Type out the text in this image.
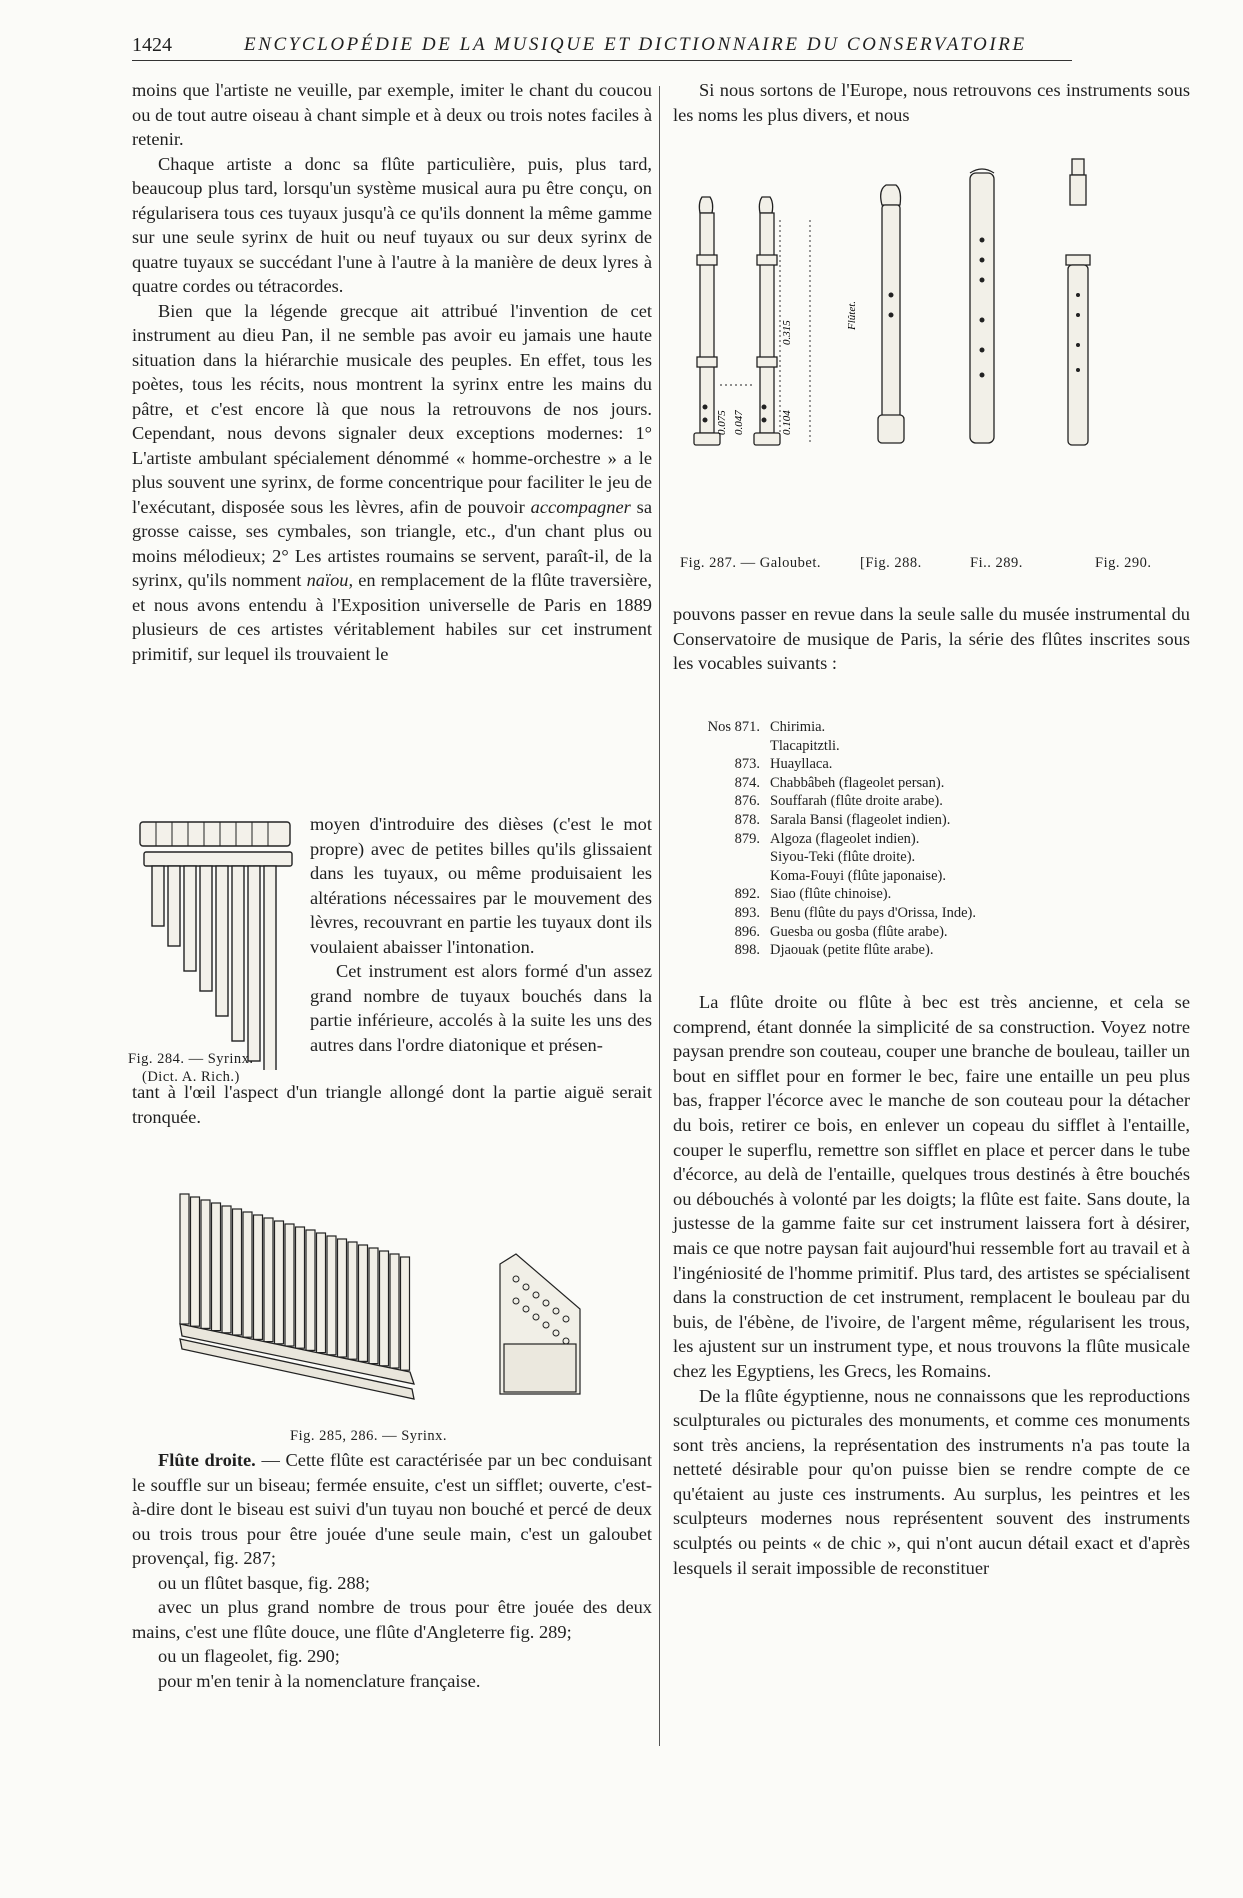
1424	ENCYCLOPÉDIE DE LA MUSIQUE ET DICTIONNAIRE DU CONSERVATOIRE

moins que l'artiste ne veuille, par exemple, imiter le chant du coucou ou de tout autre oiseau à chant simple et à deux ou trois notes faciles à retenir.

Chaque artiste a donc sa flûte particulière, puis, plus tard, beaucoup plus tard, lorsqu'un système musical aura pu être conçu, on régularisera tous ces tuyaux jusqu'à ce qu'ils donnent la même gamme sur une seule syrinx de huit ou neuf tuyaux ou sur deux syrinx de quatre tuyaux se succédant l'une à l'autre à la manière de deux lyres à quatre cordes ou tétracordes.

Bien que la légende grecque ait attribué l'invention de cet instrument au dieu Pan, il ne semble pas avoir eu jamais une haute situation dans la hiérarchie musicale des peuples. En effet, tous les poètes, tous les récits, nous montrent la syrinx entre les mains du pâtre, et c'est encore là que nous la retrouvons de nos jours. Cependant, nous devons signaler deux exceptions modernes: 1° L'artiste ambulant spécialement dénommé « homme-orchestre » a le plus souvent une syrinx, de forme concentrique pour faciliter le jeu de l'exécutant, disposée sous les lèvres, afin de pouvoir accompagner sa grosse caisse, ses cymbales, son triangle, etc., d'un chant plus ou moins mélodieux; 2° Les artistes roumains se servent, paraît-il, de la syrinx, qu'ils nomment naïou, en remplacement de la flûte traversière, et nous avons entendu à l'Exposition universelle de Paris en 1889 plusieurs de ces artistes véritablement habiles sur cet instrument primitif, sur lequel ils trouvaient le

moyen d'introduire des dièses (c'est le mot propre) avec de petites billes qu'ils glissaient dans les tuyaux, ou même produisaient les altérations nécessaires par le mouvement des lèvres, recouvrant en partie les tuyaux dont ils voulaient abaisser l'intonation.

Cet instrument est alors formé d'un assez grand nombre de tuyaux bouchés dans la partie inférieure, accolés à la suite les uns des autres dans l'ordre diatonique et présen-

Fig. 284. — Syrinx.
(Dict. A. Rich.)

tant à l'œil l'aspect d'un triangle allongé dont la partie aiguë serait tronquée.

Fig. 285, 286. — Syrinx.

Flûte droite. — Cette flûte est caractérisée par un bec conduisant le souffle sur un biseau; fermée ensuite, c'est un sifflet; ouverte, c'est-à-dire dont le biseau est suivi d'un tuyau non bouché et percé de deux ou trois trous pour être jouée d'une seule main, c'est un galoubet provençal, fig. 287;

ou un flûtet basque, fig. 288;

avec un plus grand nombre de trous pour être jouée des deux mains, c'est une flûte douce, une flûte d'Angleterre fig. 289;

ou un flageolet, fig. 290;

pour m'en tenir à la nomenclature française.

Si nous sortons de l'Europe, nous retrouvons ces instruments sous les noms les plus divers, et nous

0.315
0.104
0.075 0.047
Flûtet.
Fig. 287. — Galoubet.	[Fig. 288.	Fi.. 289.	Fig. 290.

pouvons passer en revue dans la seule salle du musée instrumental du Conservatoire de musique de Paris, la série des flûtes inscrites sous les vocables suivants :

Nos 871. Chirimia.
Tlacapitztli.
873. Huayllaca.
874. Chabbâbeh (flageolet persan).
876. Souffarah (flûte droite arabe).
878. Sarala Bansi (flageolet indien).
879. Algoza (flageolet indien).
Siyou-Teki (flûte droite).
Koma-Fouyi (flûte japonaise).
892. Siao (flûte chinoise).
893. Benu (flûte du pays d'Orissa, Inde).
896. Guesba ou gosba (flûte arabe).
898. Djaouak (petite flûte arabe).

La flûte droite ou flûte à bec est très ancienne, et cela se comprend, étant donnée la simplicité de sa construction. Voyez notre paysan prendre son couteau, couper une branche de bouleau, tailler un bout en sifflet pour en former le bec, faire une entaille un peu plus bas, frapper l'écorce avec le manche de son couteau pour la détacher du bois, retirer ce bois, en enlever un copeau du sifflet à l'entaille, couper le superflu, remettre son sifflet en place et percer dans le tube d'écorce, au delà de l'entaille, quelques trous destinés à être bouchés ou débouchés à volonté par les doigts; la flûte est faite. Sans doute, la justesse de la gamme faite sur cet instrument laissera fort à désirer, mais ce que notre paysan fait aujourd'hui ressemble fort au travail et à l'ingéniosité de l'homme primitif. Plus tard, des artistes se spécialisent dans la construction de cet instrument, remplacent le bouleau par du buis, de l'ébène, de l'ivoire, de l'argent même, régularisent les trous, les ajustent sur un instrument type, et nous trouvons la flûte musicale chez les Egyptiens, les Grecs, les Romains.

De la flûte égyptienne, nous ne connaissons que les reproductions sculpturales ou picturales des monuments, et comme ces monuments sont très anciens, la représentation des instruments n'a pas toute la netteté désirable pour qu'on puisse bien se rendre compte de ce qu'étaient au juste ces instruments. Au surplus, les peintres et les sculpteurs modernes nous représentent souvent des instruments sculptés ou peints « de chic », qui n'ont aucun détail exact et d'après lesquels il serait impossible de reconstituer
